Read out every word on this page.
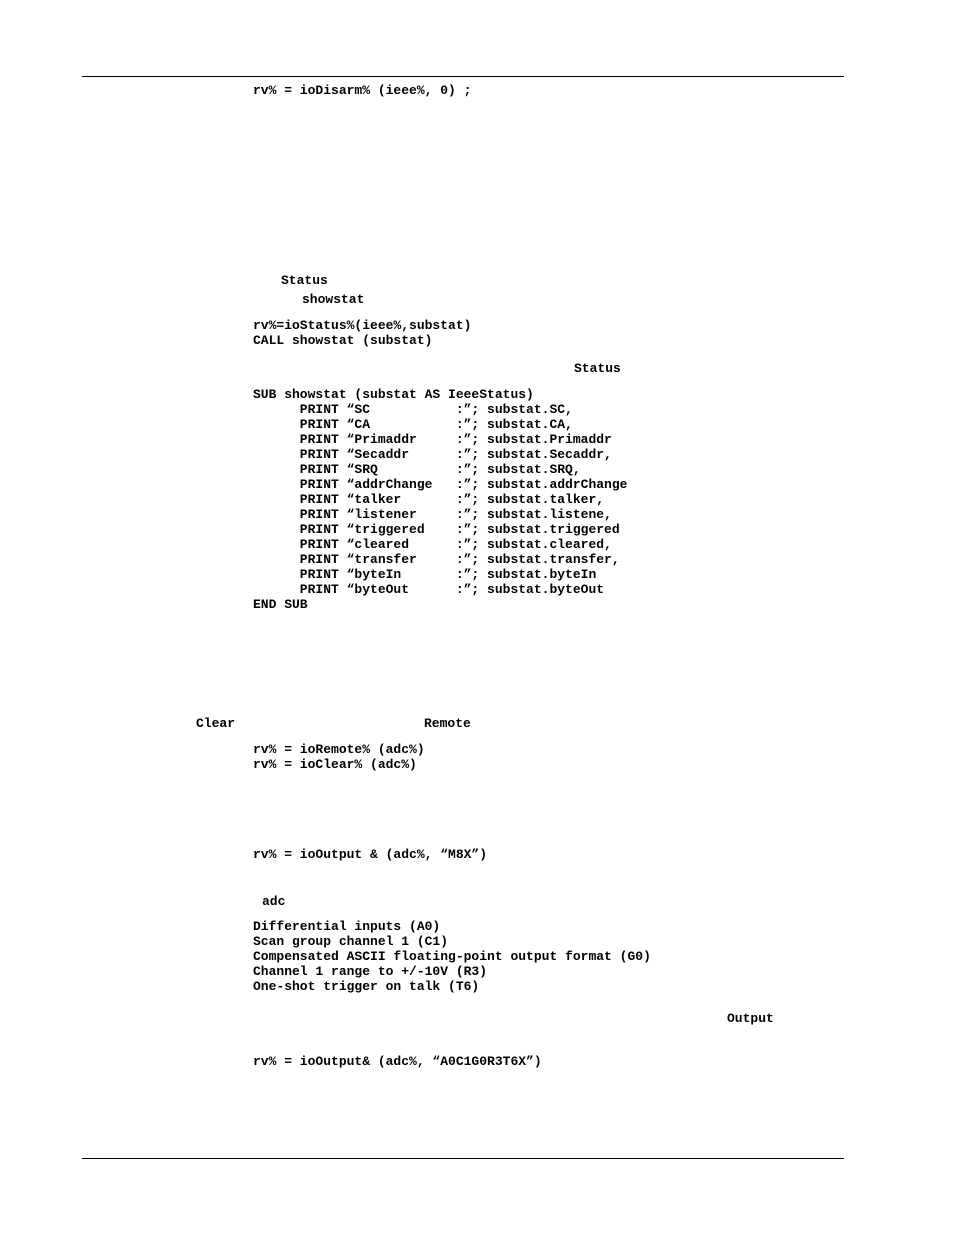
rv% = ioDisarm% (ieee%, 0) ;
Status
showstat
rv%=ioStatus%(ieee%,substat)
CALL showstat (substat)
Status
SUB showstat (substat AS IeeeStatus)
PRINT “SC           :”; substat.SC,
PRINT “CA           :”; substat.CA,
PRINT “Primaddr     :”; substat.Primaddr
PRINT “Secaddr      :”; substat.Secaddr,
PRINT “SRQ          :”; substat.SRQ,
PRINT “addrChange   :”; substat.addrChange
PRINT “talker       :”; substat.talker,
PRINT “listener     :”; substat.listene,
PRINT “triggered    :”; substat.triggered
PRINT “cleared      :”; substat.cleared,
PRINT “transfer     :”; substat.transfer,
PRINT “byteIn       :”; substat.byteIn
PRINT “byteOut      :”; substat.byteOut
END SUB
Clear	Remote
rv% = ioRemote% (adc%)
rv% = ioClear% (adc%)
rv% = ioOutput & (adc%, “M8X”)
adc
Differential inputs (A0)
Scan group channel 1 (C1)
Compensated ASCII floating-point output format (G0)
Channel 1 range to +/-10V (R3)
One-shot trigger on talk (T6)
Output
rv% = ioOutput& (adc%, “A0C1G0R3T6X”)
